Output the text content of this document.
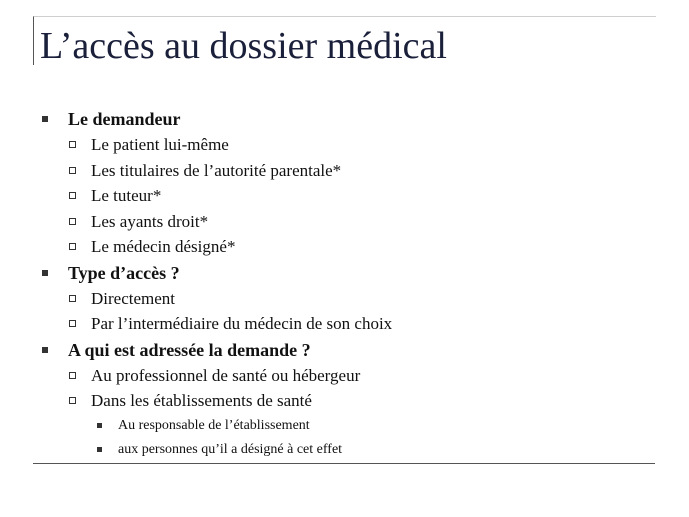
L’accès au dossier médical
Le demandeur
Le patient lui-même
Les titulaires de l’autorité parentale*
Le tuteur*
Les ayants droit*
Le médecin désigné*
Type d’accès ?
Directement
Par l’intermédiaire du médecin de son choix
A qui est adressée la demande ?
Au professionnel de santé ou hébergeur
Dans les établissements de santé
Au responsable de l’établissement
aux personnes qu’il a désigné à cet effet
